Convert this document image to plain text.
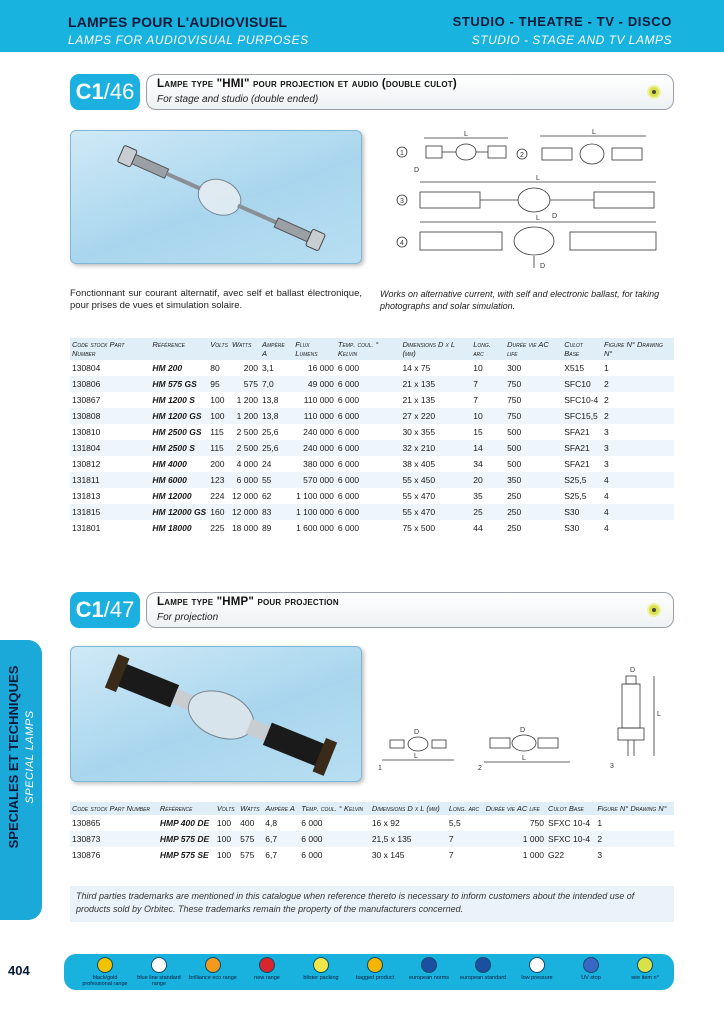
LAMPES POUR L'AUDIOVISUEL
LAMPS FOR AUDIOVISUAL PURPOSES
STUDIO - THEATRE - TV - DISCO
STUDIO - STAGE AND TV LAMPS
C1/46	Lampe type "HMI" pour projection et audio (double culot)
For stage and studio (double ended)
1	2
3
4
L
D
L
L
D
L
D
Fonctionnant sur courant alternatif, avec self et ballast électronique, pour prises de vues et simulation solaire.
Works on alternative current, with self and electronic ballast, for taking photographs and solar simulation.
Code stock Part Number	Référence	Volts	Watts	Ampère A	Flux Lumens	Temp. coul. ° Kelvin	Dimensions D x L (mm)	Long. arc	Durée vie AC life	Culot Base	Figure N° Drawing N°
130804	HM 200	80	200	3,1	16 000	6 000	14 x 75	10	300	X515	1
130806	HM 575 GS	95	575	7,0	49 000	6 000	21 x 135	7	750	SFC10	2
130867	HM 1200 S	100	1 200	13,8	110 000	6 000	21 x 135	7	750	SFC10-4	2
130808	HM 1200 GS	100	1 200	13,8	110 000	6 000	27 x 220	10	750	SFC15,5	2
130810	HM 2500 GS	115	2 500	25,6	240 000	6 000	30 x 355	15	500	SFA21	3
131804	HM 2500 S	115	2 500	25,6	240 000	6 000	32 x 210	14	500	SFA21	3
130812	HM 4000	200	4 000	24	380 000	6 000	38 x 405	34	500	SFA21	3
131811	HM 6000	123	6 000	55	570 000	6 000	55 x 450	20	350	S25,5	4
131813	HM 12000	224	12 000	62	1 100 000	6 000	55 x 470	35	250	S25,5	4
131815	HM 12000 GS	160	12 000	83	1 100 000	6 000	55 x 470	25	250	S30	4
131801	HM 18000	225	18 000	89	1 600 000	6 000	75 x 500	44	250	S30	4
C1/47	Lampe type "HMP" pour projection
For projection
1	2	3
L
D
L
D
D
L
Code stock Part Number	Référence	Volts	Watts	Ampère A	Temp. coul. ° Kelvin	Dimensions D x L (mm)	Long. arc	Durée vie AC life	Culot Base	Figure N° Drawing N°
130865	HMP 400 DE	100	400	4,8	6 000	16 x 92	5,5	750	SFXC 10-4	1
130873	HMP 575 DE	100	575	6,7	6 000	21,5 x 135	7	1 000	SFXC 10-4	2
130876	HMP 575 SE	100	575	6,7	6 000	30 x 145	7	1 000	G22	3
SPECIALES ET TECHNIQUES SPECIAL LAMPS
Third parties trademarks are mentioned in this catalogue when reference thereto is necessary to inform customers about the intended use of products sold by Orbitec. These trademarks remain the property of the manufacturers concerned.
404	black/gold professional range
blue line standard range
brilliance eco range	new range	blister packing	bagged product	european norms	european standard	low pressure	UV stop	see item n°
